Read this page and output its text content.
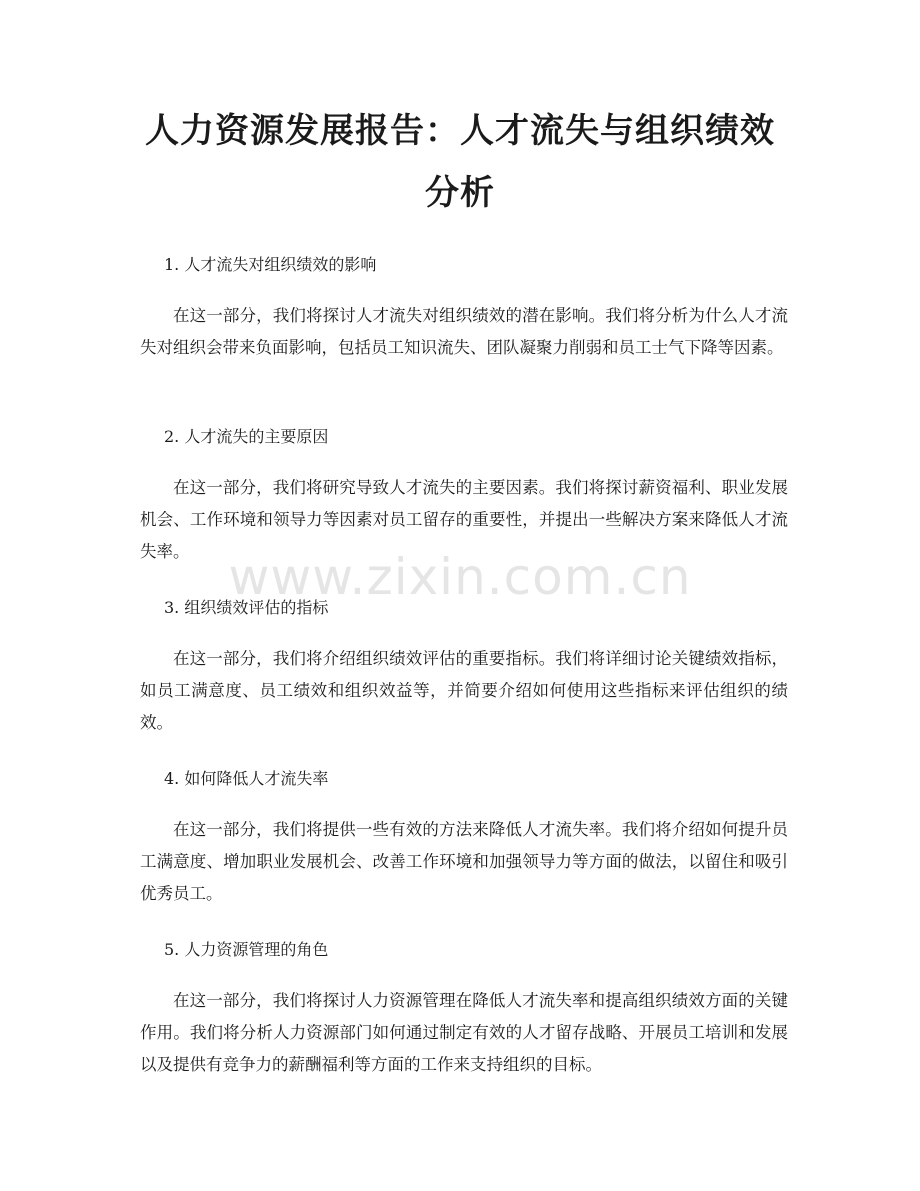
人力资源发展报告：人才流失与组织绩效分析
1. 人才流失对组织绩效的影响

在这一部分，我们将探讨人才流失对组织绩效的潜在影响。我们将分析为什么人才流失对组织会带来负面影响，包括员工知识流失、团队凝聚力削弱和员工士气下降等因素。

2. 人才流失的主要原因

在这一部分，我们将研究导致人才流失的主要因素。我们将探讨薪资福利、职业发展机会、工作环境和领导力等因素对员工留存的重要性，并提出一些解决方案来降低人才流失率。

3. 组织绩效评估的指标

在这一部分，我们将介绍组织绩效评估的重要指标。我们将详细讨论关键绩效指标，如员工满意度、员工绩效和组织效益等，并简要介绍如何使用这些指标来评估组织的绩效。

4. 如何降低人才流失率

在这一部分，我们将提供一些有效的方法来降低人才流失率。我们将介绍如何提升员工满意度、增加职业发展机会、改善工作环境和加强领导力等方面的做法，以留住和吸引优秀员工。

5. 人力资源管理的角色

在这一部分，我们将探讨人力资源管理在降低人才流失率和提高组织绩效方面的关键作用。我们将分析人力资源部门如何通过制定有效的人才留存战略、开展员工培训和发展以及提供有竞争力的薪酬福利等方面的工作来支持组织的目标。

www.zixin.com.cn
